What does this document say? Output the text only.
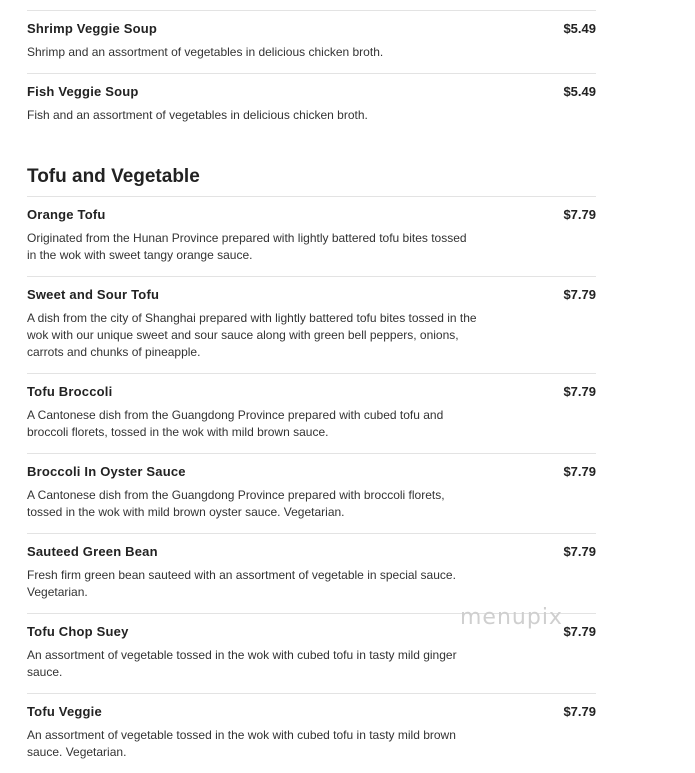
Shrimp Veggie Soup	$5.49
Shrimp and an assortment of vegetables in delicious chicken broth.
Fish Veggie Soup	$5.49
Fish and an assortment of vegetables in delicious chicken broth.
Tofu and Vegetable
Orange Tofu	$7.79
Originated from the Hunan Province prepared with lightly battered tofu bites tossed in the wok with sweet tangy orange sauce.
Sweet and Sour Tofu	$7.79
A dish from the city of Shanghai prepared with lightly battered tofu bites tossed in the wok with our unique sweet and sour sauce along with green bell peppers, onions, carrots and chunks of pineapple.
Tofu Broccoli	$7.79
A Cantonese dish from the Guangdong Province prepared with cubed tofu and broccoli florets, tossed in the wok with mild brown sauce.
Broccoli In Oyster Sauce	$7.79
A Cantonese dish from the Guangdong Province prepared with broccoli florets, tossed in the wok with mild brown oyster sauce. Vegetarian.
Sauteed Green Bean	$7.79
Fresh firm green bean sauteed with an assortment of vegetable in special sauce. Vegetarian.
Tofu Chop Suey	$7.79
An assortment of vegetable tossed in the wok with cubed tofu in tasty mild ginger sauce.
Tofu Veggie	$7.79
An assortment of vegetable tossed in the wok with cubed tofu in tasty mild brown sauce. Vegetarian.
menupix
